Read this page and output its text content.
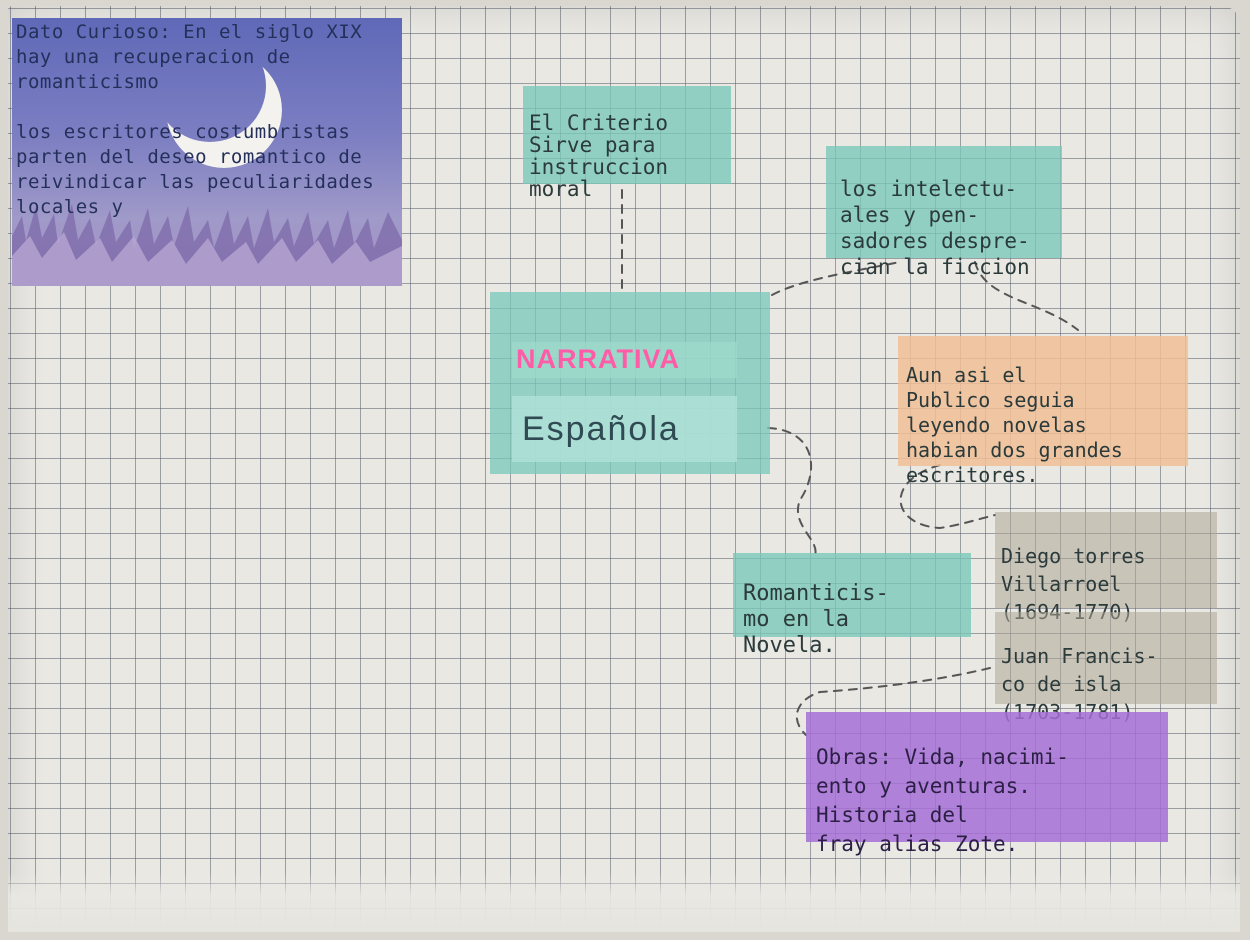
Dato Curioso: En el siglo XIX hay una recuperacion de romanticismo

los escritores costumbristas parten del deseo romantico de reivindicar las peculiaridades locales y

El Criterio
Sirve para
instruccion
moral	los intelectu-
ales y pen-
sadores despre-
cian la ficcion

NARRATIVA
Española

Aun asi el
Publico seguia
leyendo novelas
habian dos grandes
escritores.

Romanticis-
mo en la
Novela.

Diego torres
Villarroel

Juan Francis-
co de isla

Obras: Vida, nacimi-
ento y aventuras.
Historia del
fray alias Zote.
